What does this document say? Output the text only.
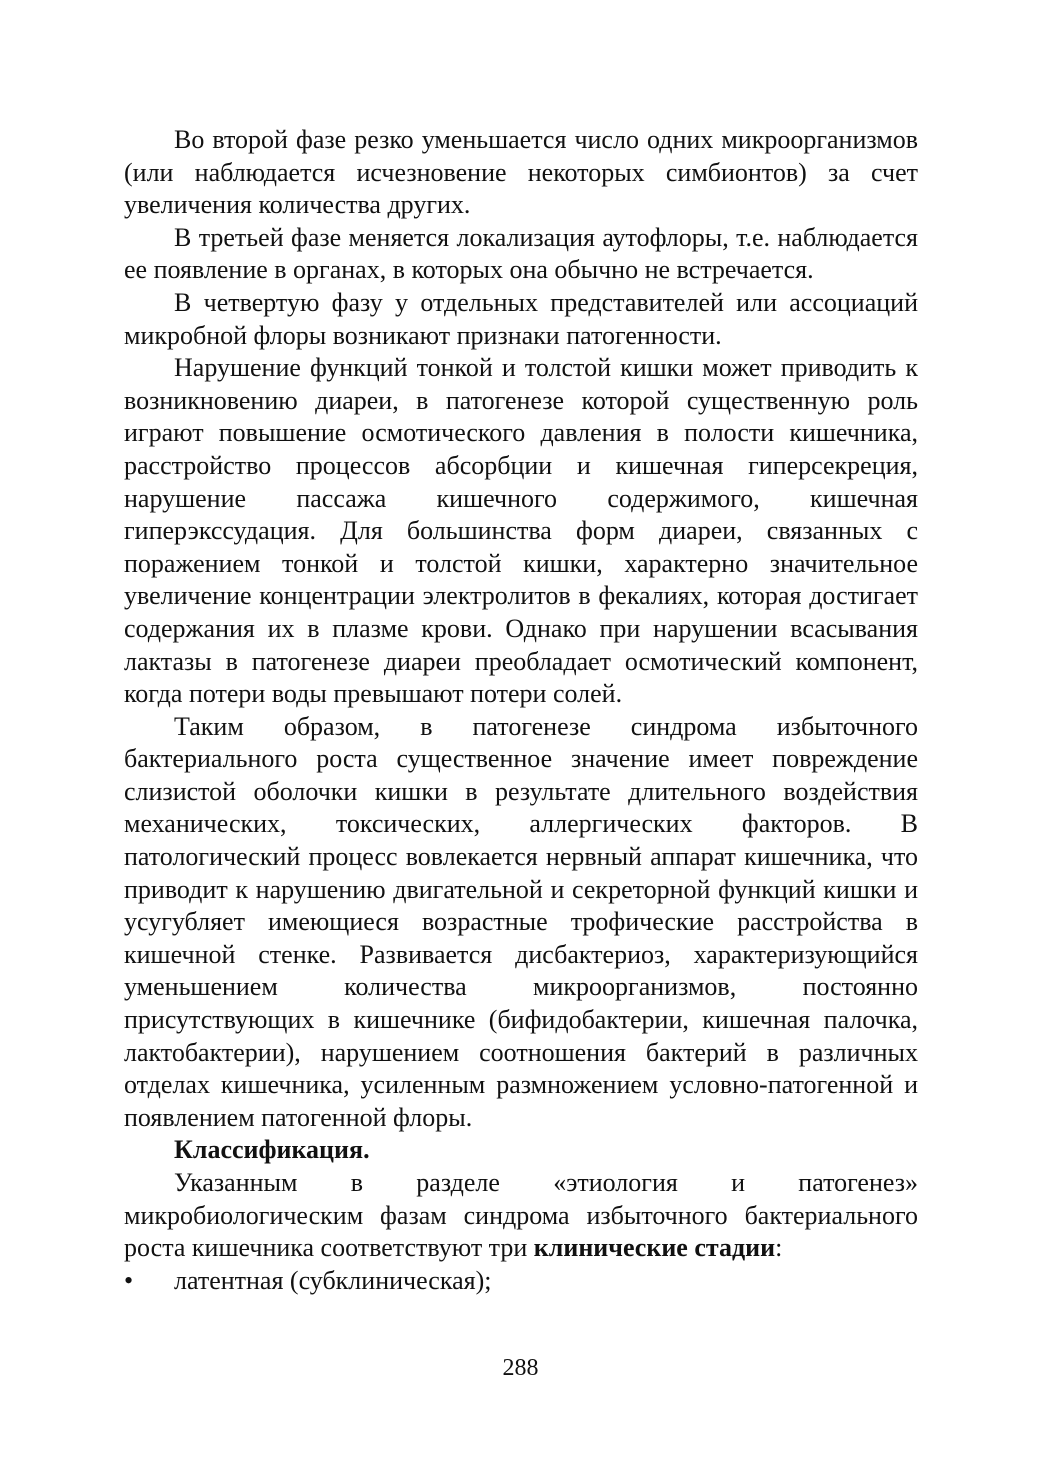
Во второй фазе резко уменьшается число одних микроорганизмов (или наблюдается исчезновение некоторых симбионтов) за счет увеличения количества других.

В третьей фазе меняется локализация аутофлоры, т.е. наблюдается ее появление в органах, в которых она обычно не встречается.

В четвертую фазу у отдельных представителей или ассоциаций микробной флоры возникают признаки патогенности.

Нарушение функций тонкой и толстой кишки может приводить к возникновению диареи, в патогенезе которой существенную роль играют повышение осмотического давления в полости кишечника, расстройство процессов абсорбции и кишечная гиперсекреция, нарушение пассажа кишечного содержимого, кишечная гиперэкссудация. Для большинства форм диареи, связанных с поражением тонкой и толстой кишки, характерно значительное увеличение концентрации электролитов в фекалиях, которая достигает содержания их в плазме крови. Однако при нарушении всасывания лактазы в патогенезе диареи преобладает осмотический компонент, когда потери воды превышают потери солей.

Таким образом, в патогенезе синдрома избыточного бактериального роста существенное значение имеет повреждение слизистой оболочки кишки в результате длительного воздействия механических, токсических, аллергических факторов. В патологический процесс вовлекается нервный аппарат кишечника, что приводит к нарушению двигательной и секреторной функций кишки и усугубляет имеющиеся возрастные трофические расстройства в кишечной стенке. Развивается дисбактериоз, характеризующийся уменьшением количества микроорганизмов, постоянно присутствующих в кишечнике (бифидобактерии, кишечная палочка, лактобактерии), нарушением соотношения бактерий в различных отделах кишечника, усиленным размножением условно-патогенной и появлением патогенной флоры.

Классификация.

Указанным в разделе «этиология и патогенез» микробиологическим фазам синдрома избыточного бактериального роста кишечника соответствуют три клинические стадии:

•	латентная (субклиническая);
288
